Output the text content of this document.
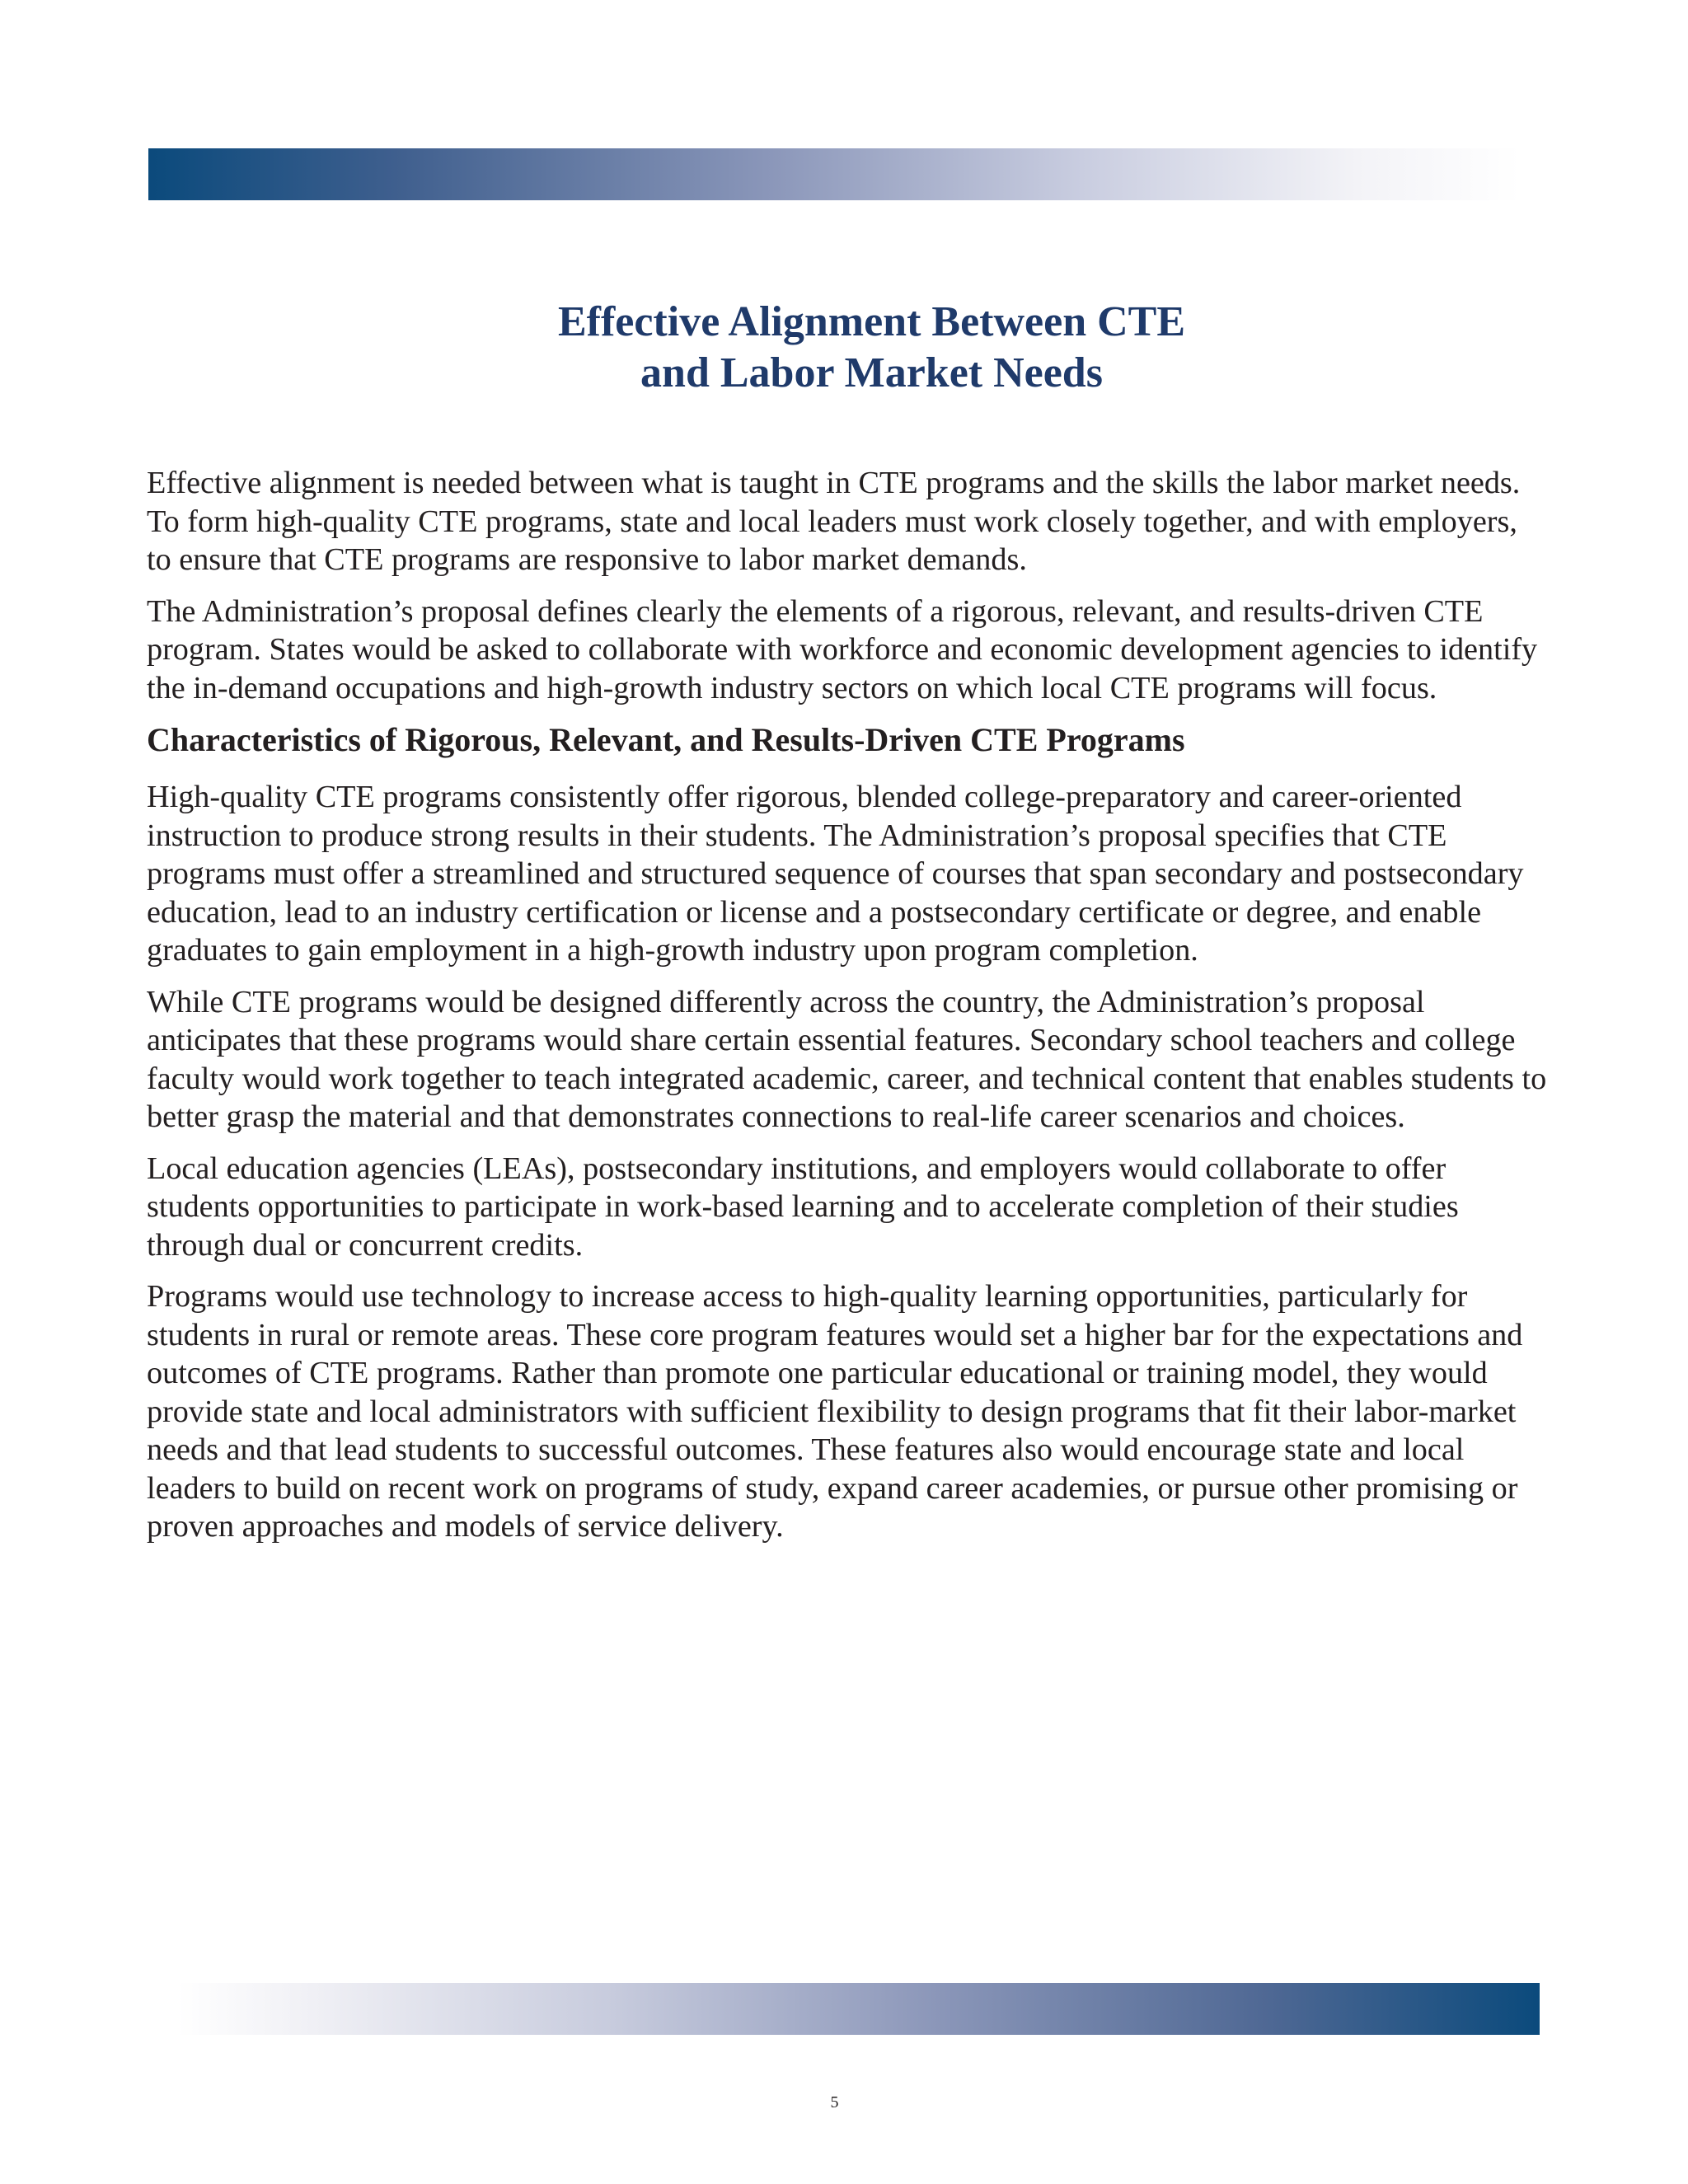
Effective Alignment Between CTE
and Labor Market Needs

Effective alignment is needed between what is taught in CTE programs and the skills the labor market needs. To form high-quality CTE programs, state and local leaders must work closely together, and with employers, to ensure that CTE programs are responsive to labor market demands.

The Administration’s proposal defines clearly the elements of a rigorous, relevant, and results-driven CTE program. States would be asked to collaborate with workforce and economic development agencies to identify the in-demand occupations and high-growth industry sectors on which local CTE programs will focus.

Characteristics of Rigorous, Relevant, and Results-Driven CTE Programs

High-quality CTE programs consistently offer rigorous, blended college-preparatory and career-oriented instruction to produce strong results in their students. The Administration’s proposal specifies that CTE programs must offer a streamlined and structured sequence of courses that span secondary and postsecondary education, lead to an industry certification or license and a postsecondary certificate or degree, and enable graduates to gain employment in a high-growth industry upon program completion.

While CTE programs would be designed differently across the country, the Administration’s proposal anticipates that these programs would share certain essential features. Secondary school teachers and college faculty would work together to teach integrated academic, career, and technical content that enables students to better grasp the material and that demonstrates connections to real-life career scenarios and choices.

Local education agencies (LEAs), postsecondary institutions, and employers would collaborate to offer students opportunities to participate in work-based learning and to accelerate completion of their studies through dual or concurrent credits.

Programs would use technology to increase access to high-quality learning opportunities, particularly for students in rural or remote areas. These core program features would set a higher bar for the expectations and outcomes of CTE programs. Rather than promote one particular educational or training model, they would provide state and local administrators with sufficient flexibility to design programs that fit their labor-market needs and that lead students to successful outcomes. These features also would encourage state and local leaders to build on recent work on programs of study, expand career academies, or pursue other promising or proven approaches and models of service delivery.

5
